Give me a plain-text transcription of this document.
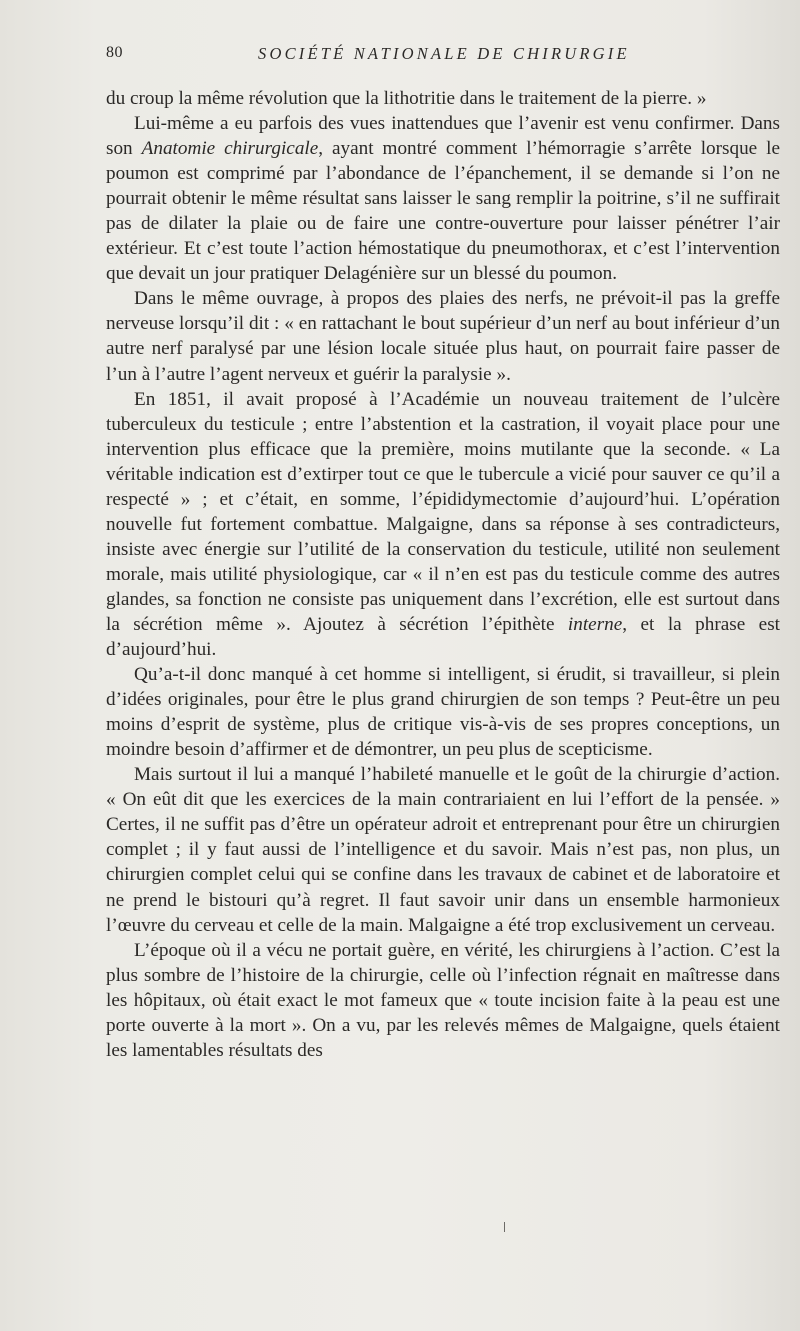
80	SOCIÉTÉ NATIONALE DE CHIRURGIE

du croup la même révolution que la lithotritie dans le traitement de la pierre. »

Lui-même a eu parfois des vues inattendues que l’avenir est venu confirmer. Dans son Anatomie chirurgicale, ayant montré comment l’hémorragie s’arrête lorsque le poumon est comprimé par l’abondance de l’épanchement, il se demande si l’on ne pourrait obtenir le même résultat sans laisser le sang remplir la poitrine, s’il ne suffirait pas de dilater la plaie ou de faire une contre-ouverture pour laisser pénétrer l’air extérieur. Et c’est toute l’action hémostatique du pneumothorax, et c’est l’intervention que devait un jour pratiquer Delagénière sur un blessé du poumon.

Dans le même ouvrage, à propos des plaies des nerfs, ne prévoit-il pas la greffe nerveuse lorsqu’il dit : « en rattachant le bout supérieur d’un nerf au bout inférieur d’un autre nerf paralysé par une lésion locale située plus haut, on pourrait faire passer de l’un à l’autre l’agent nerveux et guérir la paralysie ».

En 1851, il avait proposé à l’Académie un nouveau traitement de l’ulcère tuberculeux du testicule ; entre l’abstention et la castration, il voyait place pour une intervention plus efficace que la première, moins mutilante que la seconde. « La véritable indication est d’extirper tout ce que le tubercule a vicié pour sauver ce qu’il a respecté » ; et c’était, en somme, l’épididymectomie d’aujourd’hui. L’opération nouvelle fut fortement combattue. Malgaigne, dans sa réponse à ses contradicteurs, insiste avec énergie sur l’utilité de la conservation du testicule, utilité non seulement morale, mais utilité physiologique, car « il n’en est pas du testicule comme des autres glandes, sa fonction ne consiste pas uniquement dans l’excrétion, elle est surtout dans la sécrétion même ». Ajoutez à sécrétion l’épithète interne, et la phrase est d’aujourd’hui.

Qu’a-t-il donc manqué à cet homme si intelligent, si érudit, si travailleur, si plein d’idées originales, pour être le plus grand chirurgien de son temps ? Peut-être un peu moins d’esprit de système, plus de critique vis-à-vis de ses propres conceptions, un moindre besoin d’affirmer et de démontrer, un peu plus de scepticisme.

Mais surtout il lui a manqué l’habileté manuelle et le goût de la chirurgie d’action. « On eût dit que les exercices de la main contrariaient en lui l’effort de la pensée. » Certes, il ne suffit pas d’être un opérateur adroit et entreprenant pour être un chirurgien complet ; il y faut aussi de l’intelligence et du savoir. Mais n’est pas, non plus, un chirurgien complet celui qui se confine dans les travaux de cabinet et de laboratoire et ne prend le bistouri qu’à regret. Il faut savoir unir dans un ensemble harmonieux l’œuvre du cerveau et celle de la main. Malgaigne a été trop exclusivement un cerveau.

L’époque où il a vécu ne portait guère, en vérité, les chirurgiens à l’action. C’est la plus sombre de l’histoire de la chirurgie, celle où l’infection régnait en maîtresse dans les hôpitaux, où était exact le mot fameux que « toute incision faite à la peau est une porte ouverte à la mort ». On a vu, par les relevés mêmes de Malgaigne, quels étaient les lamentables résultats des
